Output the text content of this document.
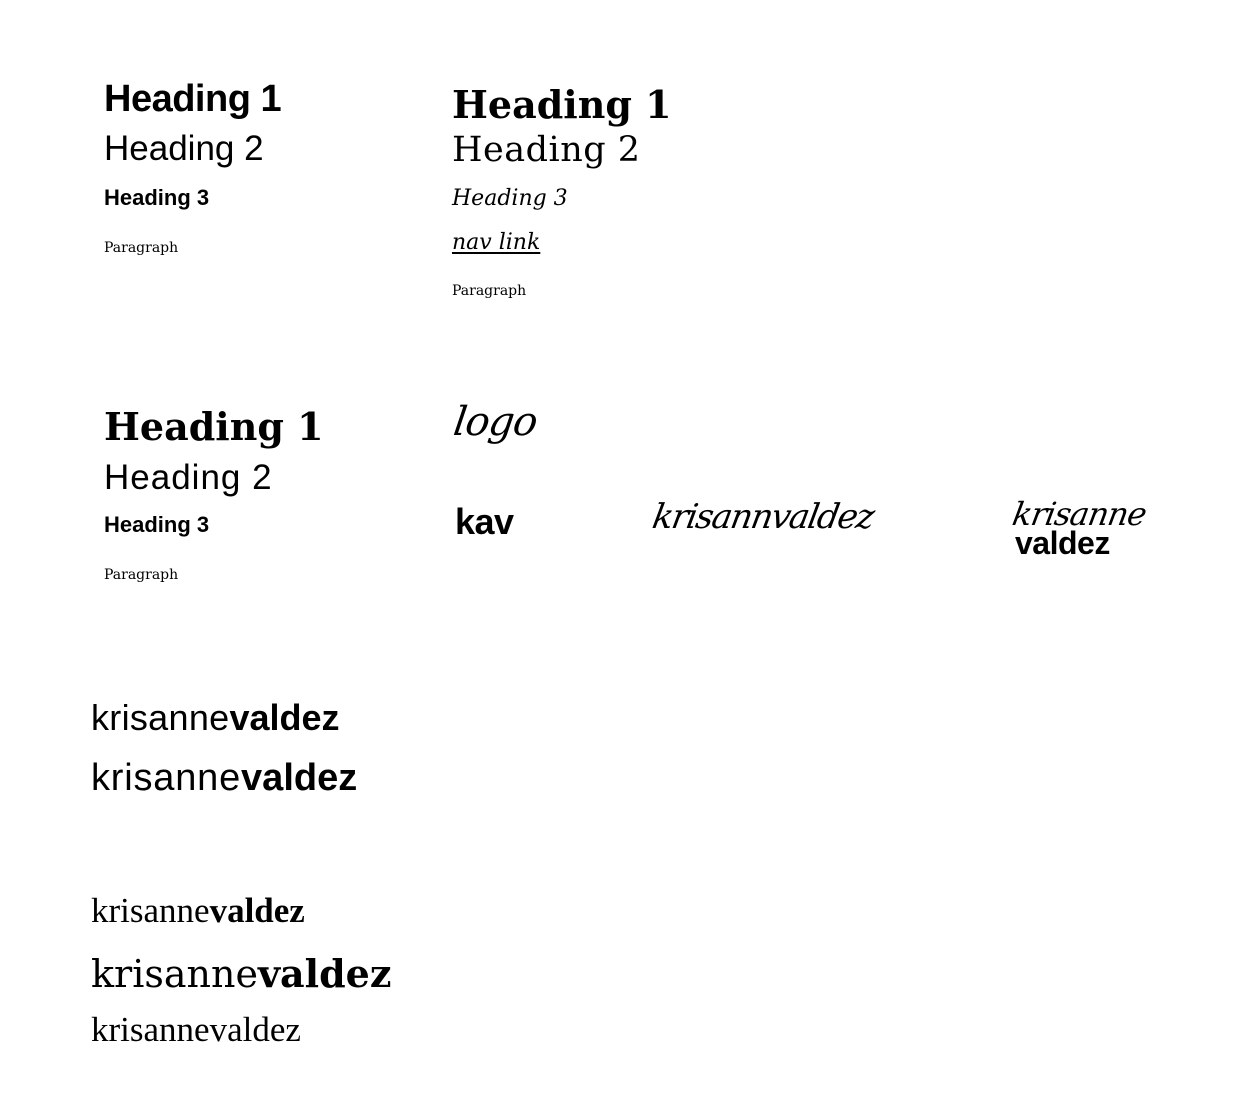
Heading 1
Heading 2
Heading 3
Paragraph
Heading 1
Heading 2
Heading 3
nav link
Paragraph
Heading 1
Heading 2
Heading 3
Paragraph
logo
kav	krisannvaldez	krisanne
valdez
krisanne valdez
krisanne valdez
krisanne valdez
krisanne valdez
krisannevaldez
